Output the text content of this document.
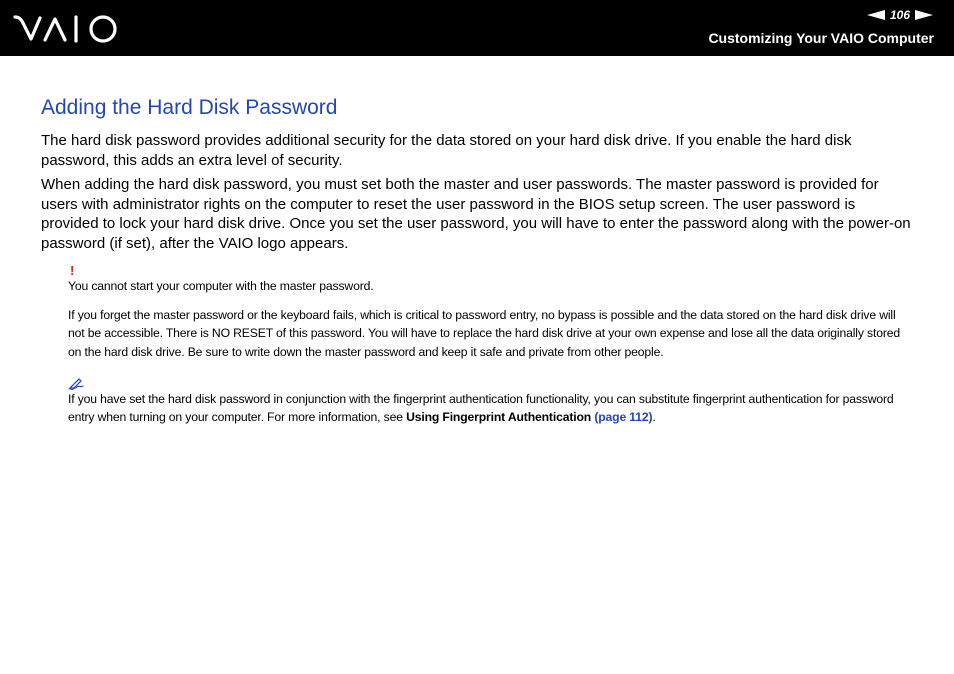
106
Customizing Your VAIO Computer
Adding the Hard Disk Password

The hard disk password provides additional security for the data stored on your hard disk drive. If you enable the hard disk password, this adds an extra level of security.

When adding the hard disk password, you must set both the master and user passwords. The master password is provided for users with administrator rights on the computer to reset the user password in the BIOS setup screen. The user password is provided to lock your hard disk drive. Once you set the user password, you will have to enter the password along with the power-on password (if set), after the VAIO logo appears.

!

You cannot start your computer with the master password.

If you forget the master password or the keyboard fails, which is critical to password entry, no bypass is possible and the data stored on the hard disk drive will not be accessible. There is NO RESET of this password. You will have to replace the hard disk drive at your own expense and lose all the data originally stored on the hard disk drive. Be sure to write down the master password and keep it safe and private from other people.

If you have set the hard disk password in conjunction with the fingerprint authentication functionality, you can substitute fingerprint authentication for password entry when turning on your computer. For more information, see Using Fingerprint Authentication (page 112).
